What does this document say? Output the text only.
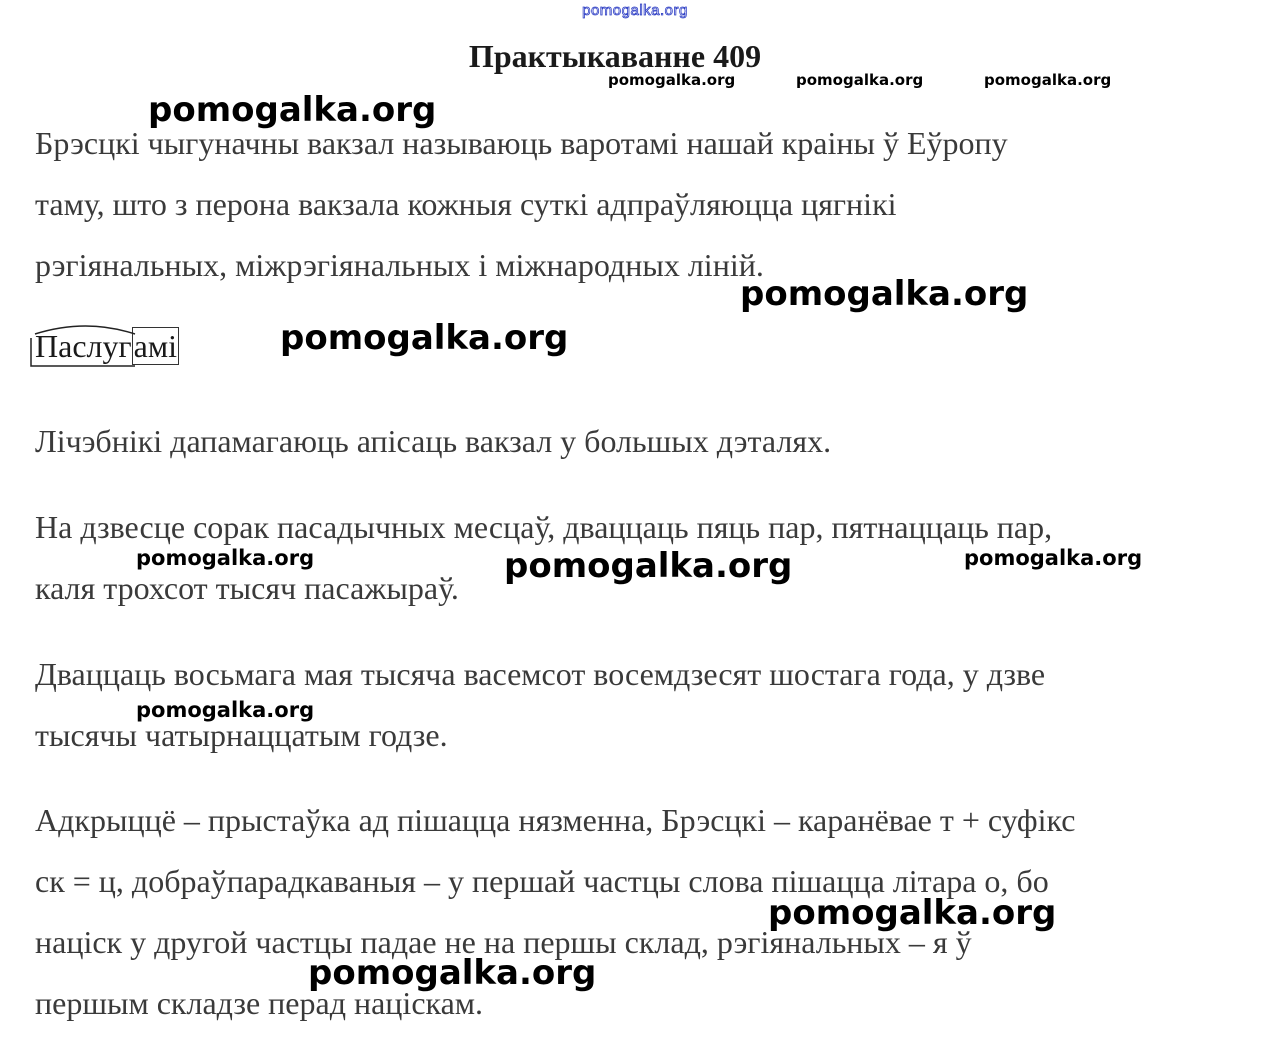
pomogalka.org
Практыкаванне 409
Брэсцкі чыгуначны вакзал называюць варотамі нашай краіны ў Еўропу
таму, што з перона вакзала кожныя суткі адпраўляюцца цягнікі
рэгіянальных, міжрэгіянальных і міжнародных ліній.
Паслугамі
Лічэбнікі дапамагаюць апісаць вакзал у большых дэталях.
На дзвесце сорак пасадычных месцаў, дваццаць пяць пар, пятнаццаць пар,
каля трохсот тысяч пасажыраў.
Дваццаць восьмага мая тысяча васемсот восемдзесят шостага года, у дзве
тысячы чатырнаццатым годзе.
Адкрыццё – прыстаўка ад пішацца нязменна, Брэсцкі – каранёвае т + суфікс
ск = ц, добраўпарадкаваныя – у першай частцы слова пішацца літара о, бо
націск у другой частцы падае не на першы склад, рэгіянальных – я ў
першым складзе перад націскам.
pomogalka.org	pomogalka.org	pomogalka.org
pomogalka.org
pomogalka.org
pomogalka.org
pomogalka.org	pomogalka.org	pomogalka.org
pomogalka.org
pomogalka.org
pomogalka.org
